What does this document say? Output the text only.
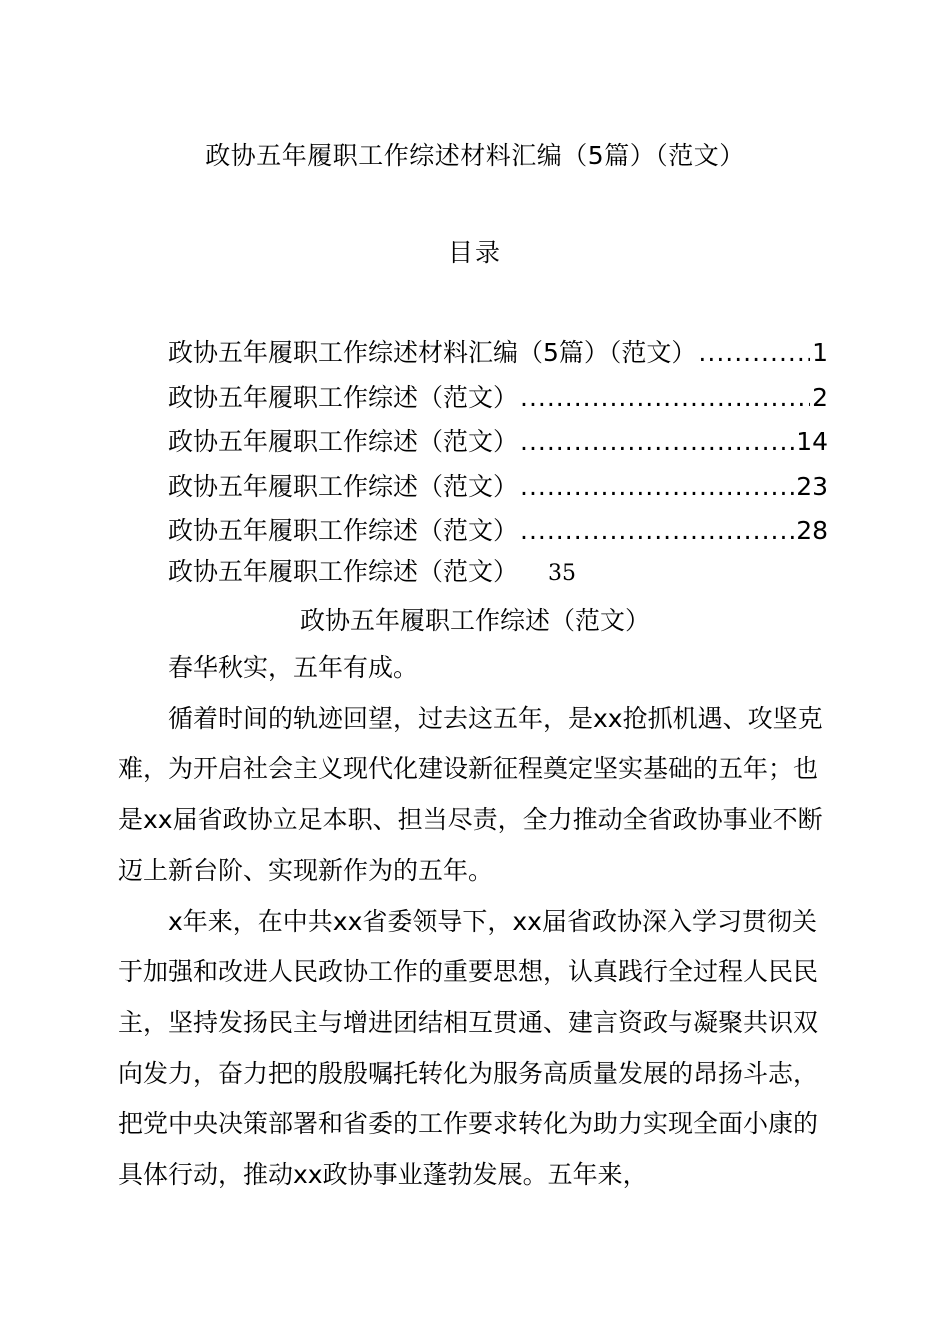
政协五年履职工作综述材料汇编（5篇）（范文）
目录
政协五年履职工作综述材料汇编（5篇）（范文） .....	1
政协五年履职工作综述（范文） .....	2
政协五年履职工作综述（范文） .....	14
政协五年履职工作综述（范文） .....	23
政协五年履职工作综述（范文） .....	28
政协五年履职工作综述（范文） 35
政协五年履职工作综述（范文）

春华秋实，五年有成。

循着时间的轨迹回望，过去这五年，是xx抢抓机遇、攻坚克难，为开启社会主义现代化建设新征程奠定坚实基础的五年；也是xx届省政协立足本职、担当尽责，全力推动全省政协事业不断迈上新台阶、实现新作为的五年。

x年来，在中共xx省委领导下，xx届省政协深入学习贯彻关于加强和改进人民政协工作的重要思想，认真践行全过程人民民主，坚持发扬民主与增进团结相互贯通、建言资政与凝聚共识双向发力，奋力把的殷殷嘱托转化为服务高质量发展的昂扬斗志，把党中央决策部署和省委的工作要求转化为助力实现全面小康的具体行动，推动xx政协事业蓬勃发展。五年来，
